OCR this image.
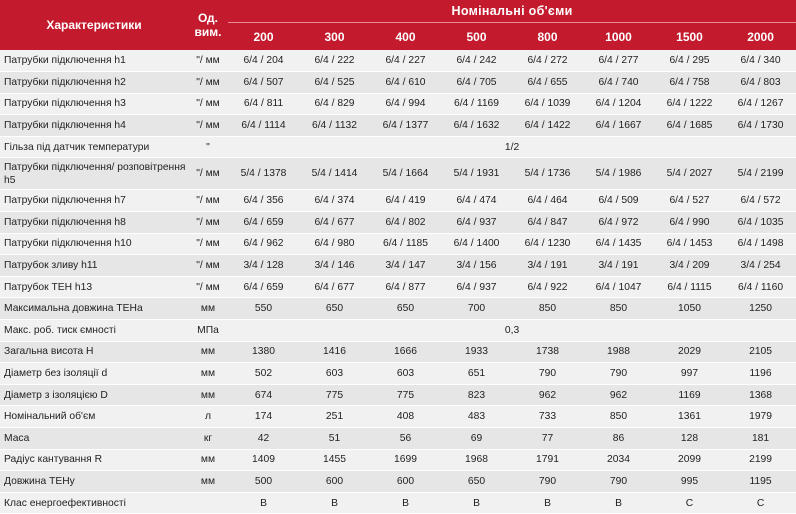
Характеристики	Од. вим.	Номінальні об'єми							
		200	300	400	500	800	1000	1500	2000
Патрубки підключення h1	"/ мм	6/4 / 204	6/4 / 222	6/4 / 227	6/4 / 242	6/4 / 272	6/4 / 277	6/4 / 295	6/4 / 340
Патрубки підключення h2	"/ мм	6/4 / 507	6/4 / 525	6/4 / 610	6/4 / 705	6/4 / 655	6/4 / 740	6/4 / 758	6/4 / 803
Патрубки підключення h3	"/ мм	6/4 / 811	6/4 / 829	6/4 / 994	6/4 / 1169	6/4 / 1039	6/4 / 1204	6/4 / 1222	6/4 / 1267
Патрубки підключення h4	"/ мм	6/4 / 1114	6/4 / 1132	6/4 / 1377	6/4 / 1632	6/4 / 1422	6/4 / 1667	6/4 / 1685	6/4 / 1730
Гільза під датчик температури	"	1/2							
Патрубки підключення/ розповітрення h5	"/ мм	5/4 / 1378	5/4 / 1414	5/4 / 1664	5/4 / 1931	5/4 / 1736	5/4 / 1986	5/4 / 2027	5/4 / 2199
Патрубки підключення h7	"/ мм	6/4 / 356	6/4 / 374	6/4 / 419	6/4 / 474	6/4 / 464	6/4 / 509	6/4 / 527	6/4 / 572
Патрубки підключення h8	"/ мм	6/4 / 659	6/4 / 677	6/4 / 802	6/4 / 937	6/4 / 847	6/4 / 972	6/4 / 990	6/4 / 1035
Патрубки підключення h10	"/ мм	6/4 / 962	6/4 / 980	6/4 / 1185	6/4 / 1400	6/4 / 1230	6/4 / 1435	6/4 / 1453	6/4 / 1498
Патрубок зливу h11	"/ мм	3/4 / 128	3/4 / 146	3/4 / 147	3/4 / 156	3/4 / 191	3/4 / 191	3/4 / 209	3/4 / 254
Патрубок ТЕН h13	"/ мм	6/4 / 659	6/4 / 677	6/4 / 877	6/4 / 937	6/4 / 922	6/4 / 1047	6/4 / 1115	6/4 / 1160
Максимальна довжина ТЕНа	мм	550	650	650	700	850	850	1050	1250
Макс. роб. тиск ємності	МПа	0,3							
Загальна висота H	мм	1380	1416	1666	1933	1738	1988	2029	2105
Діаметр без ізоляції d	мм	502	603	603	651	790	790	997	1196
Діаметр з ізоляцією D	мм	674	775	775	823	962	962	1169	1368
Номінальний об'єм	л	174	251	408	483	733	850	1361	1979
Маса	кг	42	51	56	69	77	86	128	181
Радіус кантування R	мм	1409	1455	1699	1968	1791	2034	2099	2199
Довжина ТЕНу	мм	500	600	600	650	790	790	995	1195
Клас енергоефективності		B	B	B	B	B	B	C	C
